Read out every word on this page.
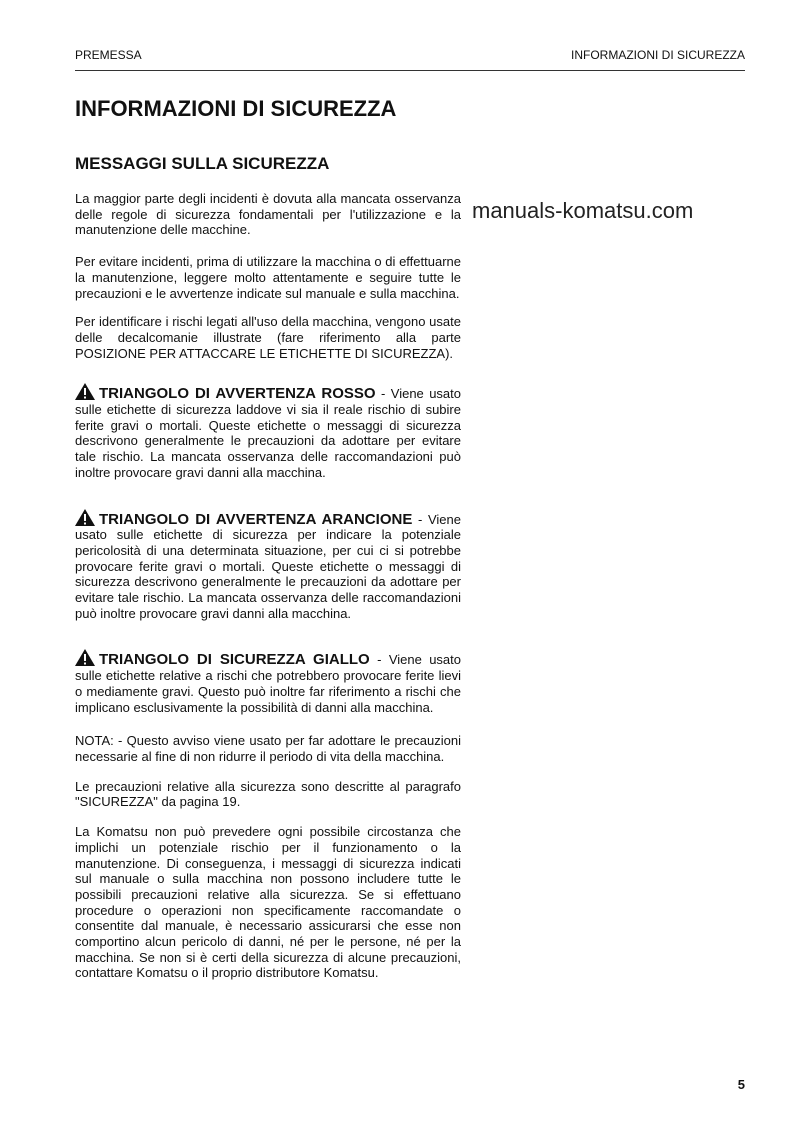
PREMESSA	INFORMAZIONI DI SICUREZZA
INFORMAZIONI DI SICUREZZA
MESSAGGI SULLA SICUREZZA

La maggior parte degli incidenti è dovuta alla mancata osservanza delle regole di sicurezza fondamentali per l'utilizzazione e la manutenzione delle macchine.

Per evitare incidenti, prima di utilizzare la macchina o di effettuarne la manutenzione, leggere molto attentamente e seguire tutte le precauzioni e le avvertenze indicate sul manuale e sulla macchina.

Per identificare i rischi legati all'uso della macchina, vengono usate delle decalcomanie illustrate (fare riferimento alla parte POSIZIONE PER ATTACCARE LE ETICHETTE DI SICUREZZA).

TRIANGOLO DI AVVERTENZA ROSSO - Viene usato sulle etichette di sicurezza laddove vi sia il reale rischio di subire ferite gravi o mortali. Queste etichette o messaggi di sicurezza descrivono generalmente le precauzioni da adottare per evitare tale rischio. La mancata osservanza delle raccomandazioni può inoltre provocare gravi danni alla macchina.

TRIANGOLO DI AVVERTENZA ARANCIONE - Viene usato sulle etichette di sicurezza per indicare la potenziale pericolosità di una determinata situazione, per cui ci si potrebbe provocare ferite gravi o mortali. Queste etichette o messaggi di sicurezza descrivono generalmente le precauzioni da adottare per evitare tale rischio. La mancata osservanza delle raccomandazioni può inoltre provocare gravi danni alla macchina.

TRIANGOLO DI SICUREZZA GIALLO - Viene usato sulle etichette relative a rischi che potrebbero provocare ferite lievi o mediamente gravi. Questo può inoltre far riferimento a rischi che implicano esclusivamente la possibilità di danni alla macchina.

NOTA: - Questo avviso viene usato per far adottare le precauzioni necessarie al fine di non ridurre il periodo di vita della macchina.

Le precauzioni relative alla sicurezza sono descritte al paragrafo "SICUREZZA" da pagina 19.

La Komatsu non può prevedere ogni possibile circostanza che implichi un potenziale rischio per il funzionamento o la manutenzione. Di conseguenza, i messaggi di sicurezza indicati sul manuale o sulla macchina non possono includere tutte le possibili precauzioni relative alla sicurezza. Se si effettuano procedure o operazioni non specificamente raccomandate o consentite dal manuale, è necessario assicurarsi che esse non comportino alcun pericolo di danni, né per le persone, né per la macchina. Se non si è certi della sicurezza di alcune precauzioni, contattare Komatsu o il proprio distributore Komatsu.

manuals-komatsu.com
5
